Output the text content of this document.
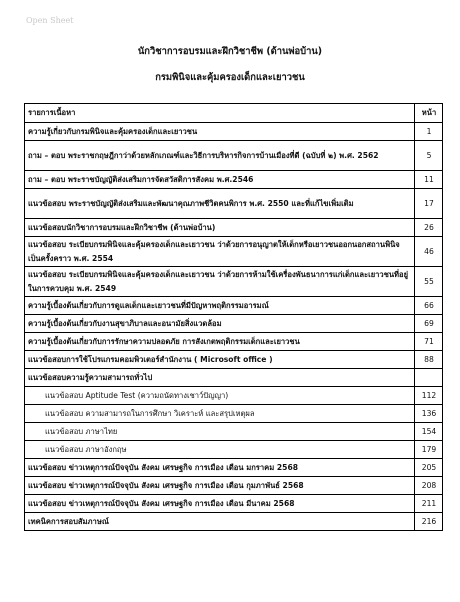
Open Sheet
นักวิชาการอบรมและฝึกวิชาชีพ (ด้านพ่อบ้าน)
กรมพินิจและคุ้มครองเด็กและเยาวชน
รายการเนื้อหา	หน้า
ความรู้เกี่ยวกับกรมพินิจและคุ้มครองเด็กและเยาวชน	1
ถาม – ตอบ พระราชกฤษฎีกาว่าด้วยหลักเกณฑ์และวิธีการบริหารกิจการบ้านเมืองที่ดี (ฉบับที่ ๒) พ.ศ. 2562	5
ถาม – ตอบ พระราชบัญญัติส่งเสริมการจัดสวัสดิการสังคม พ.ศ.2546	11
แนวข้อสอบ พระราชบัญญัติส่งเสริมและพัฒนาคุณภาพชีวิตคนพิการ พ.ศ. 2550 และที่แก้ไขเพิ่มเติม	17
แนวข้อสอบนักวิชาการอบรมและฝึกวิชาชีพ (ด้านพ่อบ้าน)	26
แนวข้อสอบ ระเบียบกรมพินิจและคุ้มครองเด็กและเยาวชน ว่าด้วยการอนุญาตให้เด็กหรือเยาวชนออกนอกสถานพินิจเป็นครั้งคราว พ.ศ. 2554	46
แนวข้อสอบ ระเบียบกรมพินิจและคุ้มครองเด็กและเยาวชน ว่าด้วยการห้ามใช้เครื่องพันธนาการแก่เด็กและเยาวชนที่อยู่ในการควบคุม พ.ศ. 2549	55
ความรู้เบื้องต้นเกี่ยวกับการดูแลเด็กและเยาวชนที่มีปัญหาพฤติกรรมอารมณ์	66
ความรู้เบื้องต้นเกี่ยวกับงานสุขาภิบาลและอนามัยสิ่งแวดล้อม	69
ความรู้เบื้องต้นเกี่ยวกับการรักษาความปลอดภัย การสังเกตพฤติกรรมเด็กและเยาวชน	71
แนวข้อสอบการใช้โปรแกรมคอมพิวเตอร์สำนักงาน ( Microsoft office )	88
แนวข้อสอบความรู้ความสามารถทั่วไป	
แนวข้อสอบ Aptitude Test (ความถนัดทางเชาว์ปัญญา)	112
แนวข้อสอบ ความสามารถในการศึกษา วิเคราะห์ และสรุปเหตุผล	136
แนวข้อสอบ ภาษาไทย	154
แนวข้อสอบ ภาษาอังกฤษ	179
แนวข้อสอบ ข่าวเหตุการณ์ปัจจุบัน สังคม เศรษฐกิจ การเมือง เดือน มกราคม 2568	205
แนวข้อสอบ ข่าวเหตุการณ์ปัจจุบัน สังคม เศรษฐกิจ การเมือง เดือน กุมภาพันธ์ 2568	208
แนวข้อสอบ ข่าวเหตุการณ์ปัจจุบัน สังคม เศรษฐกิจ การเมือง เดือน มีนาคม 2568	211
เทคนิคการสอบสัมภาษณ์	216
